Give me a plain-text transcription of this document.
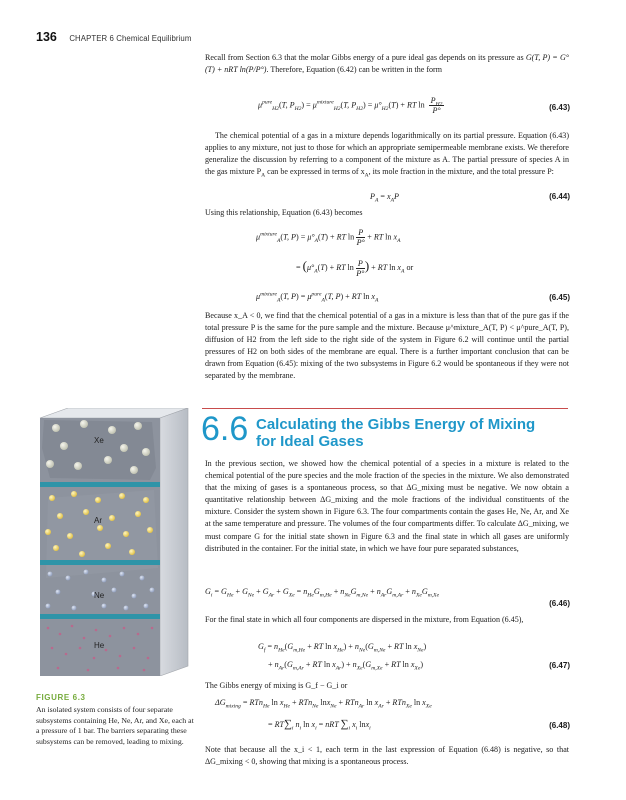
136 CHAPTER 6 Chemical Equilibrium

Recall from Section 6.3 that the molar Gibbs energy of a pure ideal gas depends on its pressure as G(T, P) = G°(T) + nRT ln(P/P°). Therefore, Equation (6.42) can be written in the form

$\mu^{pure}_{H2}(T$, $P_{H2}) = \mu^{mixture}_{H2}(T$, $P_{H2}) = \mu^\circ_{H2}(T)$ + RT $\ln \frac{P_{H2}}{P^\circ}$	(6.43)

The chemical potential of a gas in a mixture depends logarithmically on its partial pressure. Equation (6.43) applies to any mixture, not just to those for which an appropriate semipermeable membrane exists. We therefore generalize the discussion by referring to a component of the mixture as A. The partial pressure of species A in the gas mixture $P_A$ can be expressed in terms of $x_A$, its mole fraction in the mixture, and the total pressure P:

$P_A = x_AP$	(6.44)

Using this relationship, Equation (6.43) becomes

$\mu^{mixture}_A(T$, $P) = \mu^\circ_A(T)$ + RT $\ln \frac{P}{P^\circ}$ + RT $\ln x_A$
= ($\mu^\circ_A(T)$ + RT $\ln \frac{P}{P^\circ}$ ) + RT $\ln x_A$ or
$\mu^{mixture}_A(T$, $P) = \mu^{pure}_A(T$, P) + RT $\ln x_A$	(6.45)

Because x_A < 0, we find that the chemical potential of a gas in a mixture is less than that of the pure gas if the total pressure P is the same for the pure sample and the mixture. Because μ^mixture_A(T, P) < μ^pure_A(T, P), diffusion of H2 from the left side to the right side of the system in Figure 6.2 will continue until the partial pressures of H2 on both sides of the membrane are equal. There is a further important conclusion that can be drawn from Equation (6.45): mixing of the two subsystems in Figure 6.2 would be spontaneous if they were not separated by the membrane.

6.6 Calculating the Gibbs Energy of Mixing for Ideal Gases

In the previous section, we showed how the chemical potential of a species in a mixture is related to the chemical potential of the pure species and the mole fraction of the species in the mixture. We also demonstrated that the mixing of gases is a spontaneous process, so that ΔG_mixing must be negative. We now obtain a quantitative relationship between ΔG_mixing and the mole fractions of the individual constituents of the mixture. Consider the system shown in Figure 6.3. The four compartments contain the gases He, Ne, Ar, and Xe at the same temperature and pressure. The volumes of the four compartments differ. To calculate ΔG_mixing, we must compare G for the initial state shown in Figure 6.3 and the final state in which all gases are uniformly distributed in the container. For the initial state, in which we have four pure separated substances,

$G_i = G_{He} + G_{Ne} + G_{Ar} + G_{Xe} = n_{He}G_{m,He} + n_{Ne}G_{m,Ne} + n_{Ar}G_{m,Ar} + n_{Xe}G_{m,Xe}$
(6.46)

For the final state in which all four components are dispersed in the mixture, from Equation (6.45),

$G_f = n_{He}(G_{m,He}$ + RT $\ln x_{He}) + n_{Ne}(G_{m,Ne}$ + RT $\ln x_{Ne}$)
+ $n_{Ar}(G_{m,Ar}$ + RT $\ln x_{Ar}) + n_{Xe}(G_{m,Xe}$ + RT $\ln x_{Xe}$)	(6.47)

The Gibbs energy of mixing is G_f − G_i or

$\Delta G_{mixing} = RTn_{He}$ $\ln x_{He} + RTn_{Ne}$ lnx$_{Ne}$ + RTn$_{Ar}$ $\ln x_{Ar} + RTn_{Xe}$ $\ln x_{Xe}$
= $RT\sum_i$ $n_i$ $\ln x_i$ = nRT $\sum_i$ $x_i$ lnx$_i$	(6.48)

Note that because all the x_i < 1, each term in the last expression of Equation (6.48) is negative, so that ΔG_mixing < 0, showing that mixing is a spontaneous process.

Xe
Ar
Ne
He
FIGURE 6.3
An isolated system consists of four separate subsystems containing He, Ne, Ar, and Xe, each at a pressure of 1 bar. The barriers separating these subsystems can be removed, leading to mixing.
